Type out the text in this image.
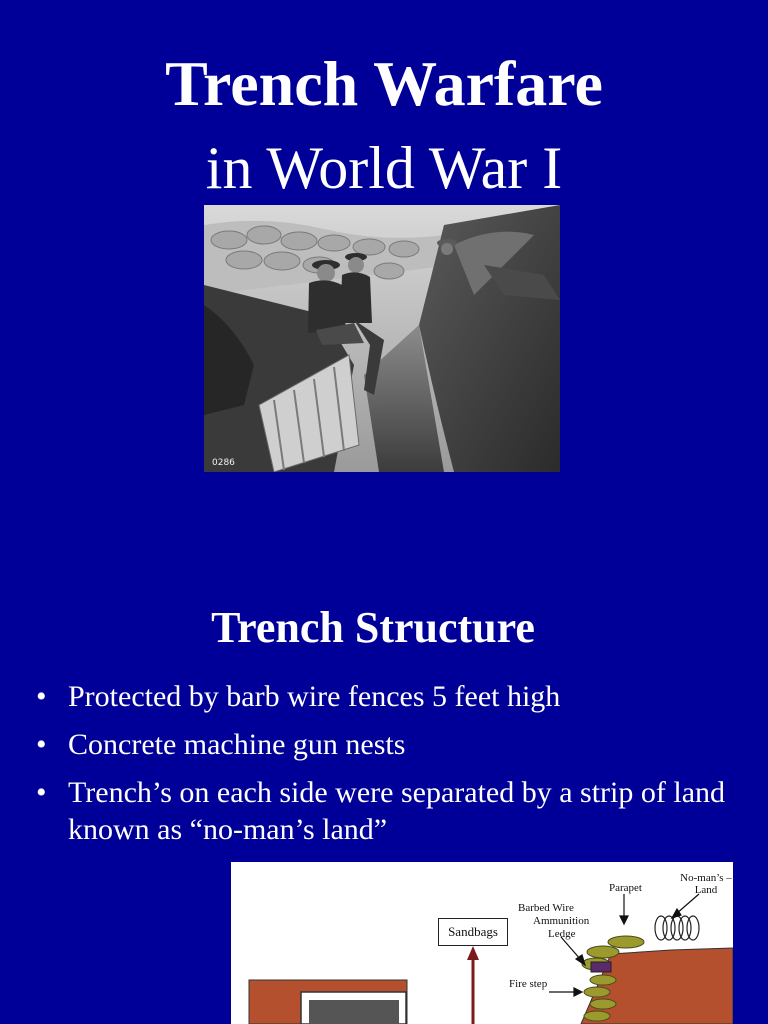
Trench Warfare
in World War I
0286
Trench Structure
• Protected by barb wire fences 5 feet high
• Concrete machine gun nests
• Trench’s on each side were separated by a strip of land known as “no-man’s land”
No-man’s –Land
Parapet
Barbed Wire
Ammunition
Ledge
Sandbags
Fire step
